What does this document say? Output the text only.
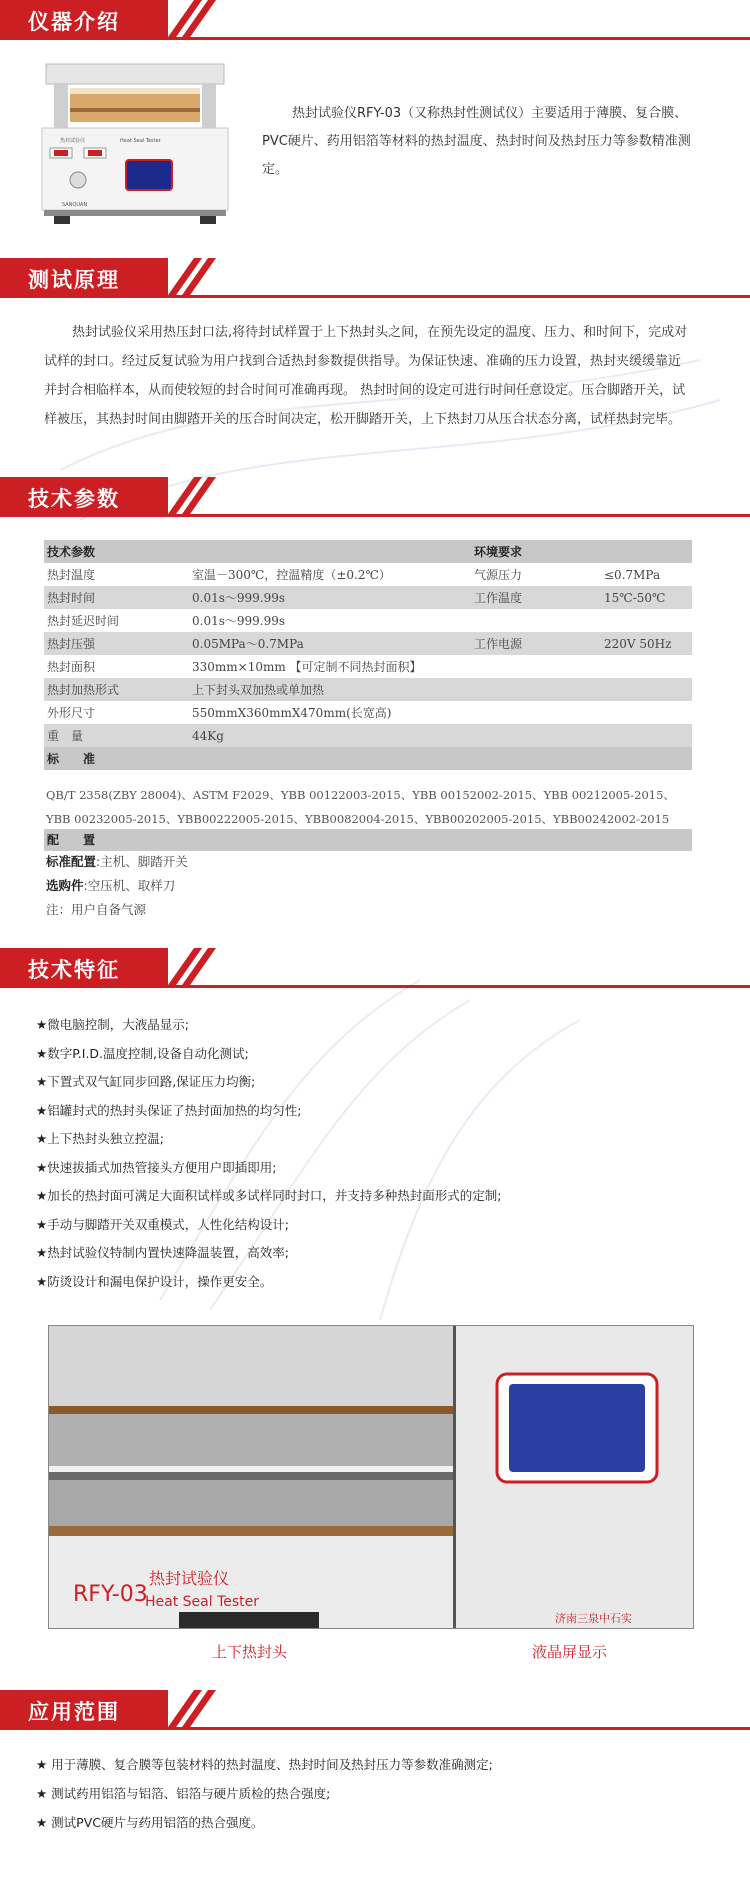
仪器介绍
热封试验仪	Heat Seal Tester
SANQUAN
热封试验仪RFY-03（又称热封性测试仪）主要适用于薄膜、复合膜、PVC硬片、药用铝箔等材料的热封温度、热封时间及热封压力等参数精准测定。
测试原理
热封试验仪采用热压封口法,将待封试样置于上下热封头之间，在预先设定的温度、压力、和时间下，完成对试样的封口。经过反复试验为用户找到合适热封参数提供指导。为保证快速、准确的压力设置，热封夹缓缓靠近并封合相临样本，从而使较短的封合时间可准确再现。 热封时间的设定可进行时间任意设定。压合脚踏开关，试样被压，其热封时间由脚踏开关的压合时间决定，松开脚踏开关，上下热封刀从压合状态分离，试样热封完毕。
技术参数
技术参数		环境要求	
热封温度	室温－300℃，控温精度（±0.2℃）	气源压力	≤0.7MPa
热封时间	0.01s～999.99s	工作温度	15℃-50℃
热封延迟时间	0.01s～999.99s		
热封压强	0.05MPa～0.7MPa	工作电源	220V 50Hz
热封面积	330mm×10mm 【可定制不同热封面积】		
热封加热形式	上下封头双加热或单加热		
外形尺寸	550mmX360mmX470mm(长宽高)		
重　量	44Kg		
标　　准			
QB/T 2358(ZBY 28004)、ASTM F2029、YBB 00122003-2015、YBB 00152002-2015、YBB 00212005-2015、
YBB 00232005-2015、YBB00222005-2015、YBB0082004-2015、YBB00202005-2015、YBB00242002-2015
配　　置
标准配置:主机、脚踏开关
选购件:空压机、取样刀
注：用户自备气源
技术特征
★微电脑控制，大液晶显示;
★数字P.I.D.温度控制,设备自动化测试;
★下置式双气缸同步回路,保证压力均衡;
★铝罐封式的热封头保证了热封面加热的均匀性;
★上下热封头独立控温;
★快速拔插式加热管接头方便用户即插即用;
★加长的热封面可满足大面积试样或多试样同时封口，并支持多种热封面形式的定制;
★手动与脚踏开关双重模式，人性化结构设计;
★热封试验仪特制内置快速降温装置，高效率;
★防烫设计和漏电保护设计，操作更安全。
RFY-03
热封试验仪
Heat Seal Tester
济南三泉中石实
上下热封头	液晶屏显示
应用范围
★ 用于薄膜、复合膜等包装材料的热封温度、热封时间及热封压力等参数准确测定;
★ 测试药用铝箔与铝箔、铝箔与硬片质检的热合强度;
★ 测试PVC硬片与药用铝箔的热合强度。
